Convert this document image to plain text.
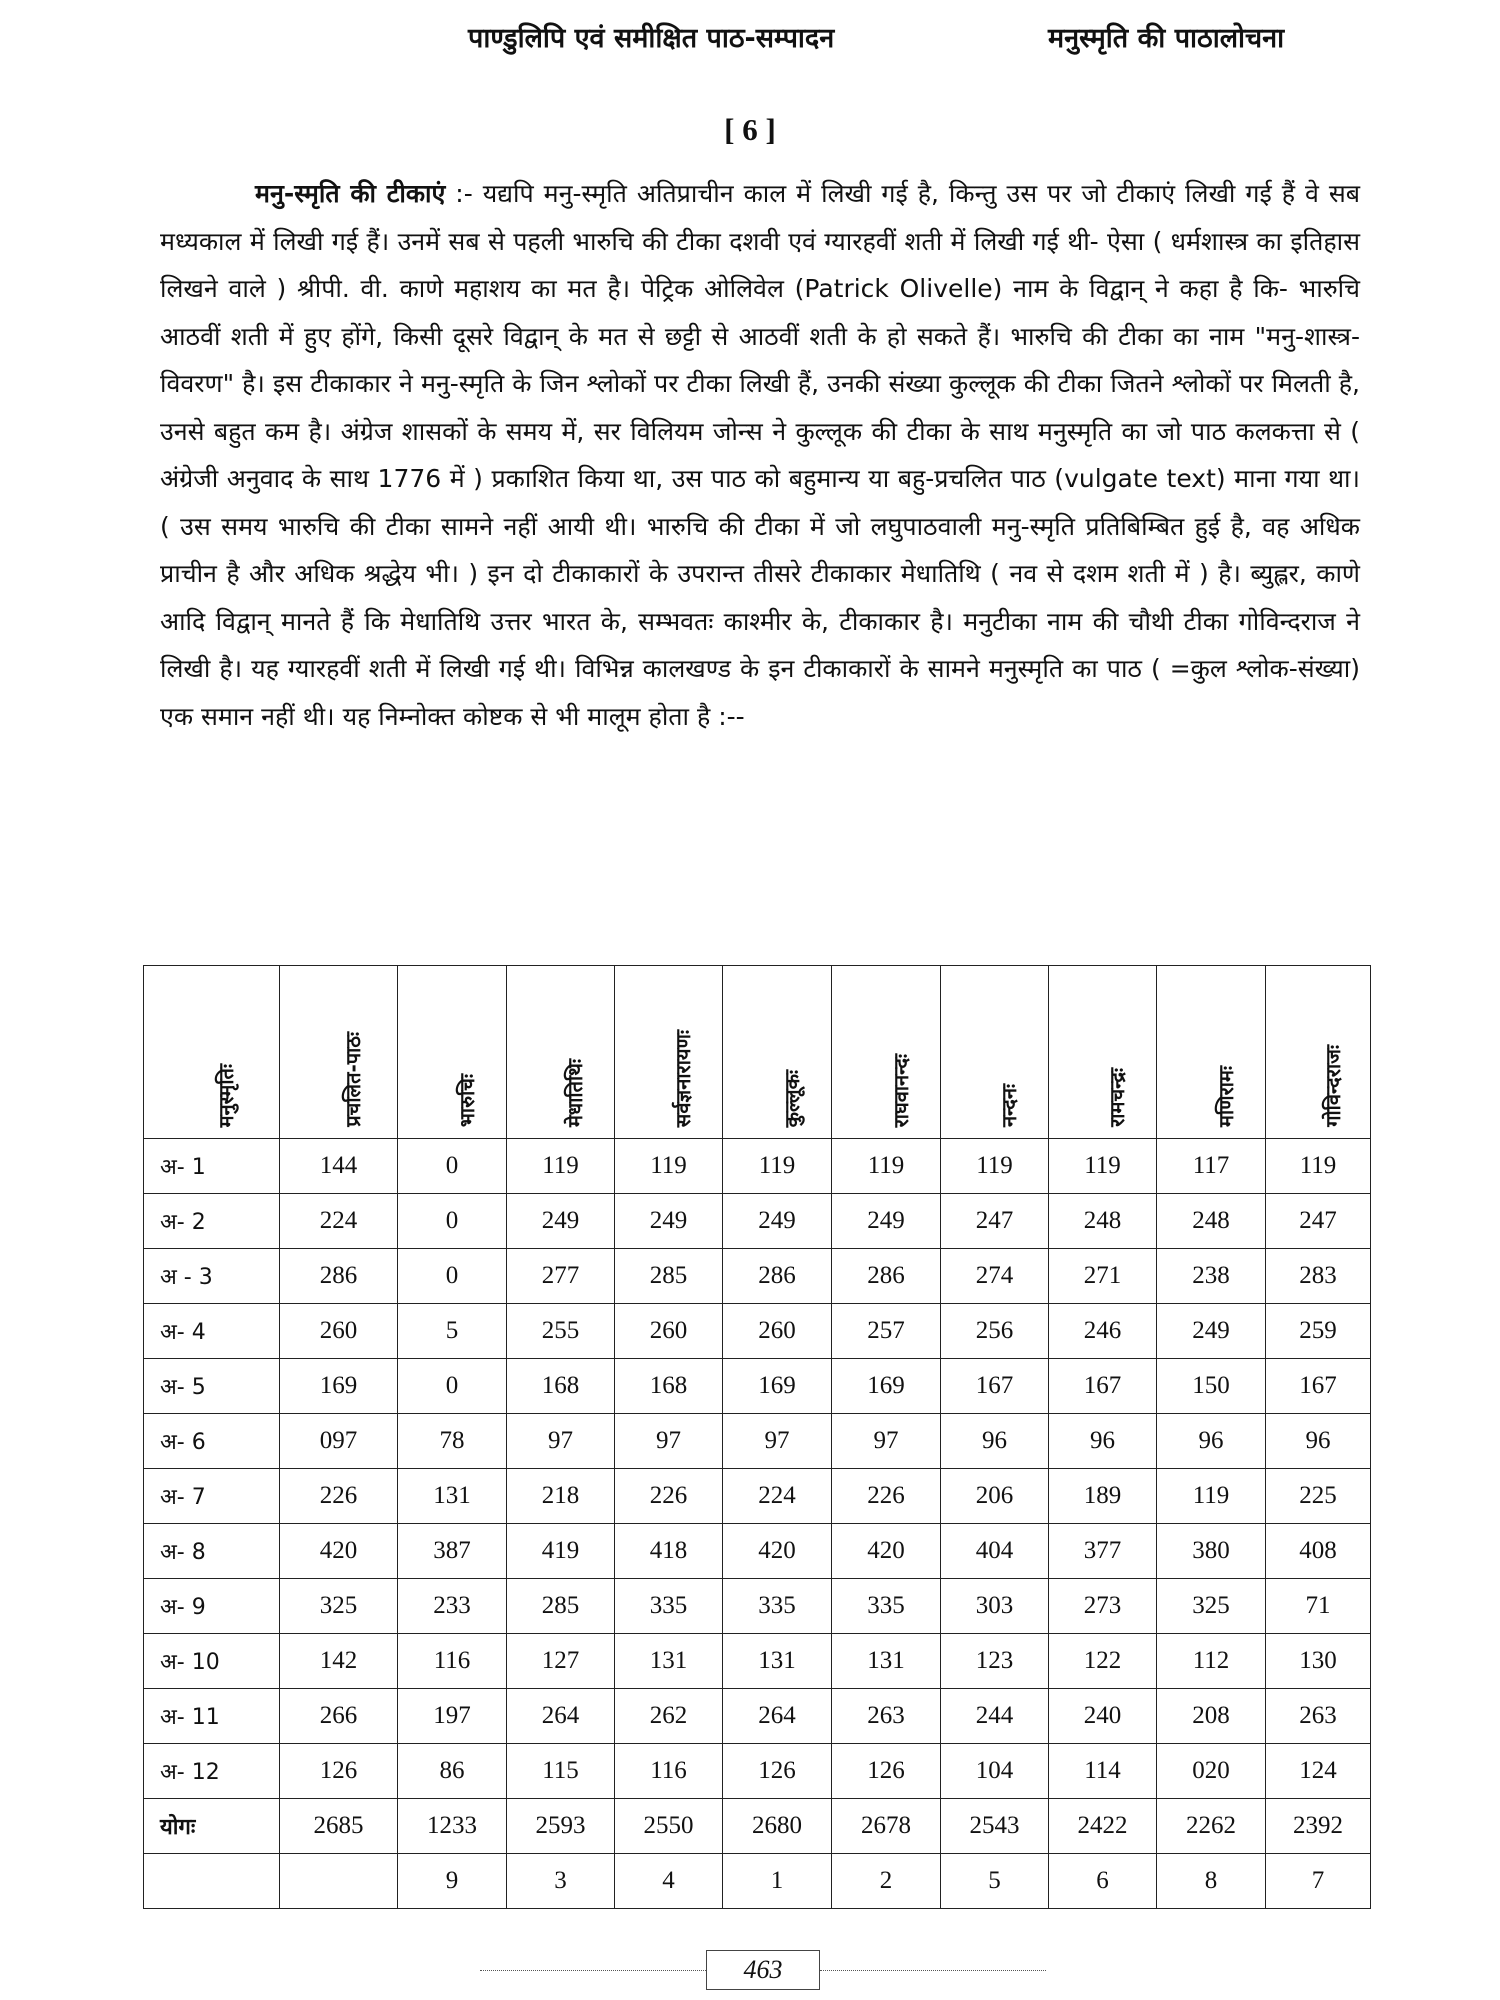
पाण्डुलिपि एवं समीक्षित पाठ-सम्पादन	मनुस्मृति की पाठालोचना
[ 6 ]

मनु-स्मृति की टीकाएं :- यद्यपि मनु-स्मृति अतिप्राचीन काल में लिखी गई है, किन्तु उस पर जो टीकाएं लिखी गई हैं वे सब मध्यकाल में लिखी गई हैं। उनमें सब से पहली भारुचि की टीका दशवी एवं ग्यारहवीं शती में लिखी गई थी- ऐसा ( धर्मशास्त्र का इतिहास लिखने वाले ) श्रीपी. वी. काणे महाशय का मत है। पेट्रिक ओलिवेल (Patrick Olivelle) नाम के विद्वान् ने कहा है कि- भारुचि आठवीं शती में हुए होंगे, किसी दूसरे विद्वान् के मत से छट्टी से आठवीं शती के हो सकते हैं। भारुचि की टीका का नाम "मनु-शास्त्र-विवरण" है। इस टीकाकार ने मनु-स्मृति के जिन श्लोकों पर टीका लिखी हैं, उनकी संख्या कुल्लूक की टीका जितने श्लोकों पर मिलती है, उनसे बहुत कम है। अंग्रेज शासकों के समय में, सर विलियम जोन्स ने कुल्लूक की टीका के साथ मनुस्मृति का जो पाठ कलकत्ता से ( अंग्रेजी अनुवाद के साथ 1776 में ) प्रकाशित किया था, उस पाठ को बहुमान्य या बहु-प्रचलित पाठ (vulgate text) माना गया था। ( उस समय भारुचि की टीका सामने नहीं आयी थी। भारुचि की टीका में जो लघुपाठवाली मनु-स्मृति प्रतिबिम्बित हुई है, वह अधिक प्राचीन है और अधिक श्रद्धेय भी। ) इन दो टीकाकारों के उपरान्त तीसरे टीकाकार मेधातिथि ( नव से दशम शती में ) है। ब्युह्लर, काणे आदि विद्वान् मानते हैं कि मेधातिथि उत्तर भारत के, सम्भवतः काश्मीर के, टीकाकार है। मनुटीका नाम की चौथी टीका गोविन्दराज ने लिखी है। यह ग्यारहवीं शती में लिखी गई थी। विभिन्न कालखण्ड के इन टीकाकारों के सामने मनुस्मृति का पाठ ( =कुल श्लोक-संख्या) एक समान नहीं थी। यह निम्नोक्त कोष्टक से भी मालूम होता है :--

मनुस्मृतिः	प्रचलित-पाठः	भारुचिः	मेधातिथिः	सर्वज्ञनारायणः	कुल्लूकः	राघवानन्दः	नन्दनः	रामचन्द्रः	मणिरामः	गोविन्दराजः
अ- 1	144	0	119	119	119	119	119	119	117	119
अ- 2	224	0	249	249	249	249	247	248	248	247
अ - 3	286	0	277	285	286	286	274	271	238	283
अ- 4	260	5	255	260	260	257	256	246	249	259
अ- 5	169	0	168	168	169	169	167	167	150	167
अ- 6	097	78	97	97	97	97	96	96	96	96
अ- 7	226	131	218	226	224	226	206	189	119	225
अ- 8	420	387	419	418	420	420	404	377	380	408
अ- 9	325	233	285	335	335	335	303	273	325	71
अ- 10	142	116	127	131	131	131	123	122	112	130
अ- 11	266	197	264	262	264	263	244	240	208	263
अ- 12	126	86	115	116	126	126	104	114	020	124
योगः	2685	1233	2593	2550	2680	2678	2543	2422	2262	2392
		9	3	4	1	2	5	6	8	7
463
